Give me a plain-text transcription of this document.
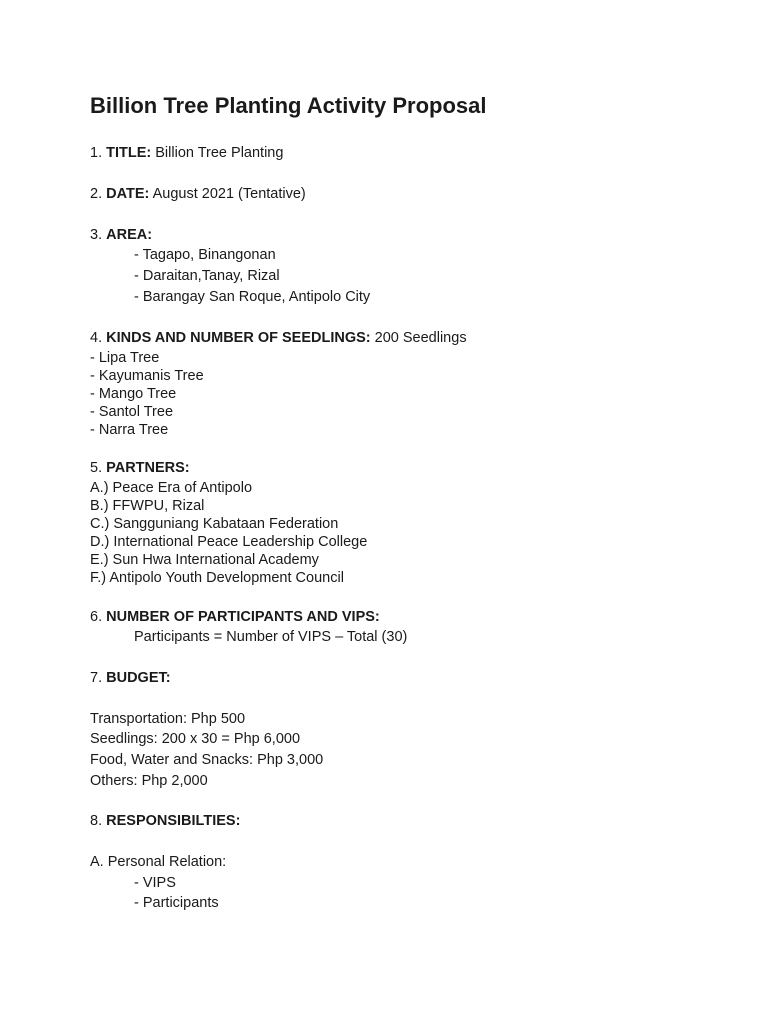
Billion Tree Planting Activity Proposal
1. TITLE: Billion Tree Planting
2. DATE: August 2021 (Tentative)
3. AREA:
- Tagapo, Binangonan
- Daraitan,Tanay, Rizal
- Barangay San Roque, Antipolo City
4. KINDS AND NUMBER OF SEEDLINGS: 200 Seedlings
- Lipa Tree
- Kayumanis Tree
- Mango Tree
- Santol Tree
- Narra Tree
5. PARTNERS:
A.) Peace Era of Antipolo
B.) FFWPU, Rizal
C.) Sangguniang Kabataan Federation
D.) International Peace Leadership College
E.) Sun Hwa International Academy
F.) Antipolo Youth Development Council
6. NUMBER OF PARTICIPANTS AND VIPS:
Participants = Number of VIPS – Total (30)
7. BUDGET:
Transportation: Php 500
Seedlings: 200 x 30 = Php 6,000
Food, Water and Snacks: Php 3,000
Others: Php 2,000
8. RESPONSIBILTIES:
A. Personal Relation:
- VIPS
- Participants
